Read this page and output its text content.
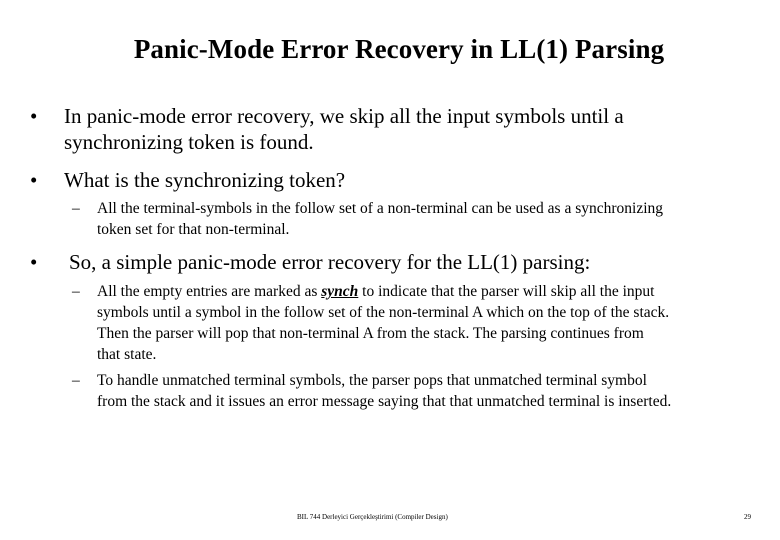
Panic-Mode Error Recovery in LL(1) Parsing
• In panic-mode error recovery, we skip all the input symbols until a
synchronizing token is found.
• What is the synchronizing token?
– All the terminal-symbols in the follow set of a non-terminal can be used as a synchronizing
token set for that non-terminal.
• So, a simple panic-mode error recovery for the LL(1) parsing:
– All the empty entries are marked as synch to indicate that the parser will skip all the input
symbols until a symbol in the follow set of the non-terminal A which on the top of the stack.
Then the parser will pop that non-terminal A from the stack. The parsing continues from
that state.
– To handle unmatched terminal symbols, the parser pops that unmatched terminal symbol
from the stack and it issues an error message saying that that unmatched terminal is inserted.
BIL 744 Derleyici Gerçekleştirimi (Compiler Design)	29
